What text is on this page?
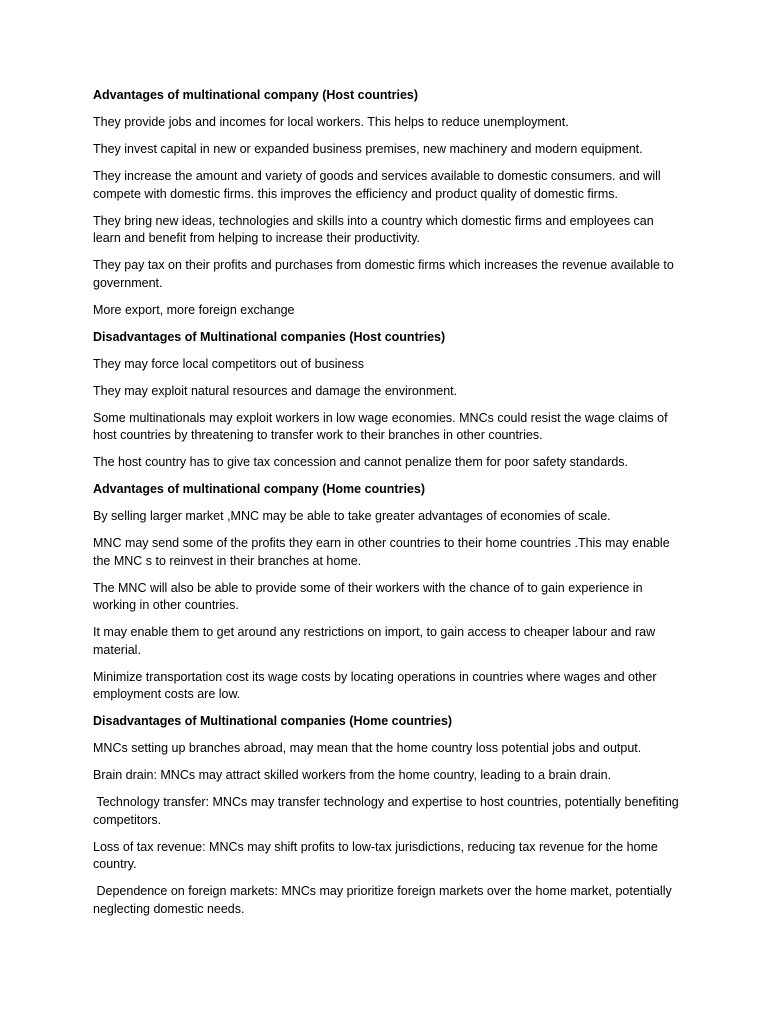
Advantages of multinational company (Host countries)

They provide jobs and incomes for local workers. This helps to reduce unemployment.

They invest capital in new or expanded business premises, new machinery and modern equipment.

They increase the amount and variety of goods and services available to domestic consumers. and will compete with domestic firms. this improves the efficiency and product quality of domestic firms.

They bring new ideas, technologies and skills into a country which domestic firms and employees can learn and benefit from helping to increase their productivity.

They pay tax on their profits and purchases from domestic firms which increases the revenue available to government.

More export, more foreign exchange

Disadvantages of Multinational companies (Host countries)

They may force local competitors out of business

They may exploit natural resources and damage the environment.

Some multinationals may exploit workers in low wage economies. MNCs could resist the wage claims of host countries by threatening to transfer work to their branches in other countries.

The host country has to give tax concession and cannot penalize them for poor safety standards.

Advantages of multinational company (Home countries)

By selling larger market ,MNC may be able to take greater advantages of economies of scale.

MNC may send some of the profits they earn in other countries to their home countries .This may enable the MNC s to reinvest in their branches at home.

The MNC will also be able to provide some of their workers with the chance of to gain experience in working in other countries.

It may enable them to get around any restrictions on import, to gain access to cheaper labour and raw material.

Minimize transportation cost its wage costs by locating operations in countries where wages and other employment costs are low.

Disadvantages of Multinational companies (Home countries)

MNCs setting up branches abroad, may mean that the home country loss potential jobs and output.

Brain drain: MNCs may attract skilled workers from the home country, leading to a brain drain.

Technology transfer: MNCs may transfer technology and expertise to host countries, potentially benefiting competitors.

Loss of tax revenue: MNCs may shift profits to low-tax jurisdictions, reducing tax revenue for the home country.

Dependence on foreign markets: MNCs may prioritize foreign markets over the home market, potentially neglecting domestic needs.
